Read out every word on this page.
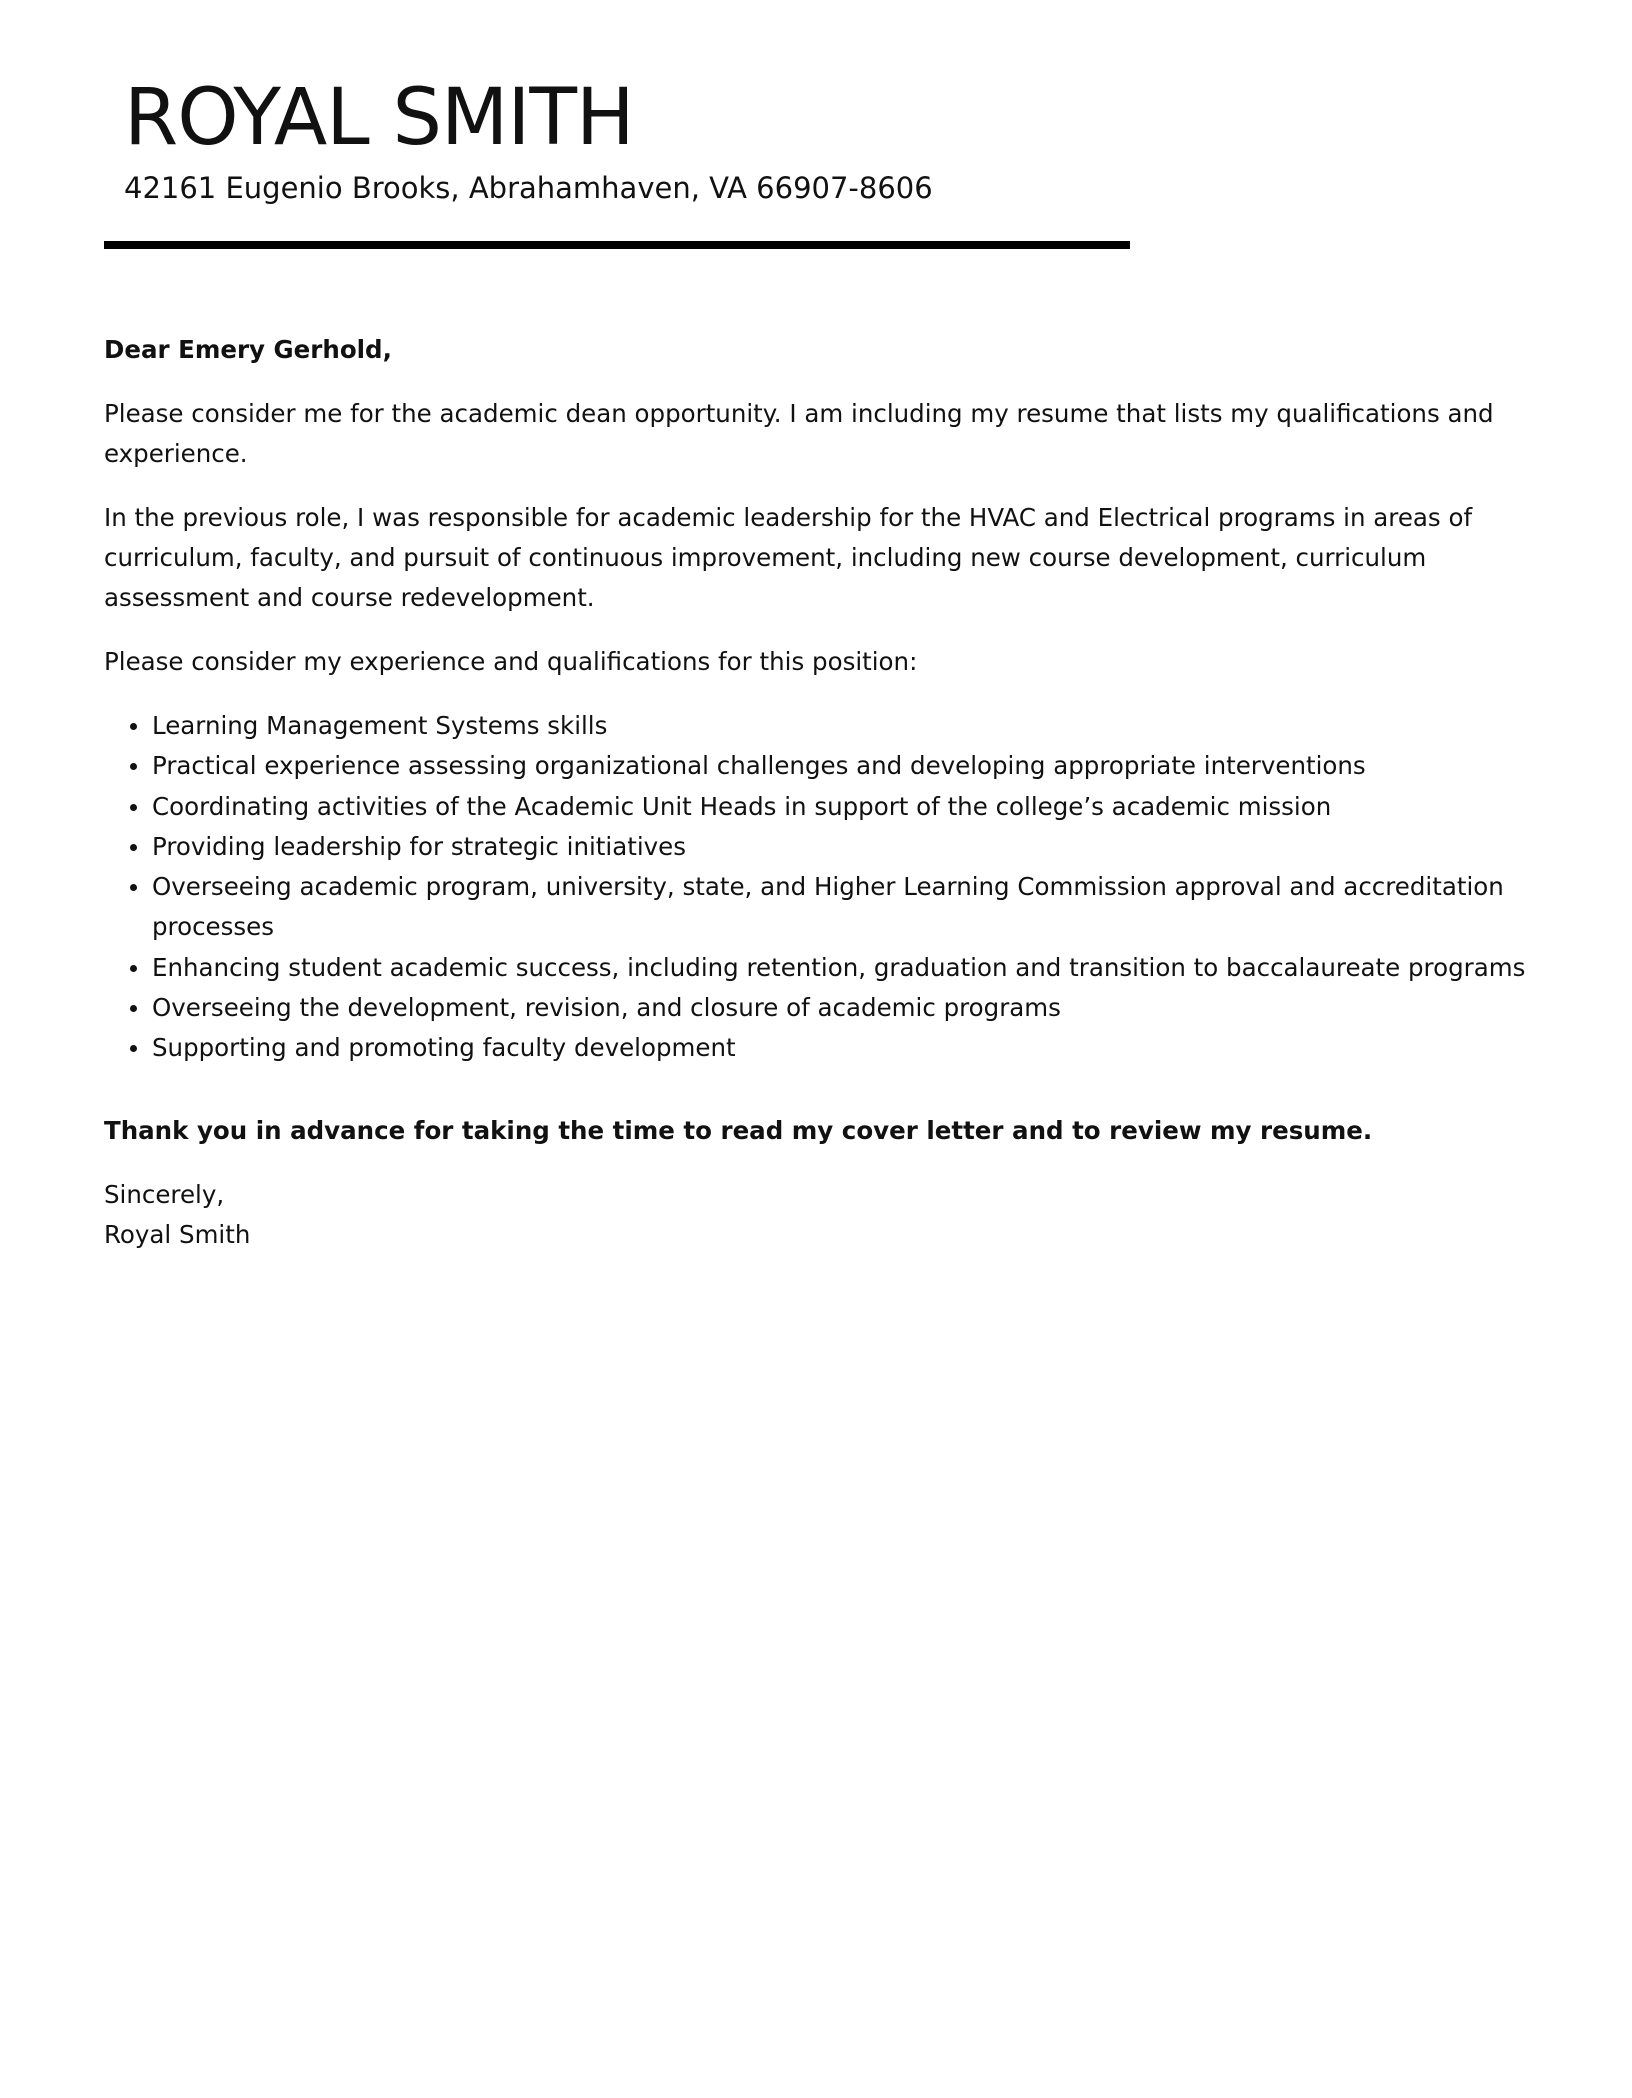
ROYAL SMITH
42161 Eugenio Brooks, Abrahamhaven, VA 66907-8606

Dear Emery Gerhold,

Please consider me for the academic dean opportunity. I am including my resume that lists my qualifications and experience.

In the previous role, I was responsible for academic leadership for the HVAC and Electrical programs in areas of curriculum, faculty, and pursuit of continuous improvement, including new course development, curriculum assessment and course redevelopment.

Please consider my experience and qualifications for this position:

Learning Management Systems skills
Practical experience assessing organizational challenges and developing appropriate interventions
Coordinating activities of the Academic Unit Heads in support of the college’s academic mission
Providing leadership for strategic initiatives
Overseeing academic program, university, state, and Higher Learning Commission approval and accreditation processes
Enhancing student academic success, including retention, graduation and transition to baccalaureate programs
Overseeing the development, revision, and closure of academic programs
Supporting and promoting faculty development

Thank you in advance for taking the time to read my cover letter and to review my resume.

Sincerely,
Royal Smith
